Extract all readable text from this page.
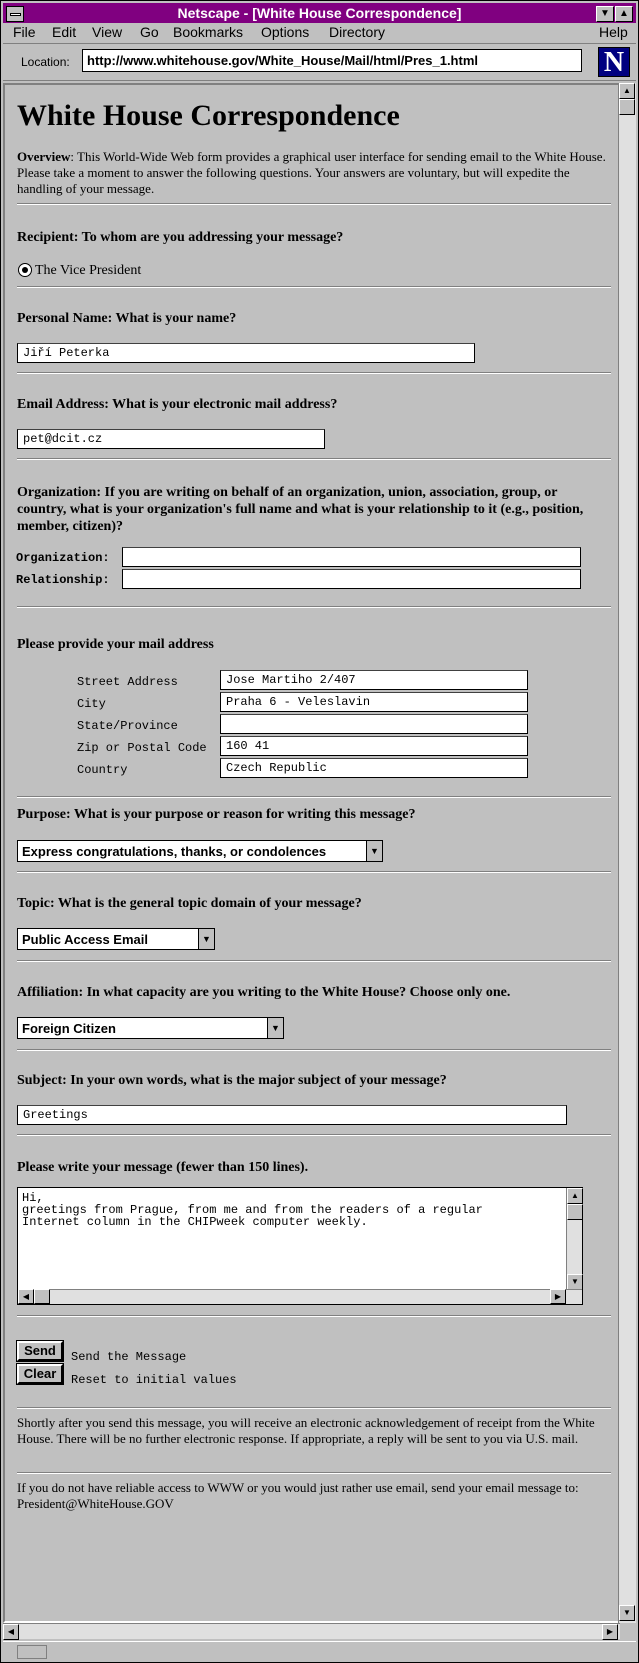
Netscape - [White House Correspondence]	▼ ▲
File Edit View Go Bookmarks Options Directory	Help
Location:	http://www.whitehouse.gov/White_House/Mail/html/Pres_1.html	N
White House Correspondence
Overview: This World-Wide Web form provides a graphical user interface for sending email to the White House. Please take a moment to answer the following questions. Your answers are voluntary, but will expedite the handling of your message.
Recipient: To whom are you addressing your message?
The Vice President
Personal Name: What is your name?
Jiří Peterka
Email Address: What is your electronic mail address?
pet@dcit.cz
Organization: If you are writing on behalf of an organization, union, association, group, or country, what is your organization's full name and what is your relationship to it (e.g., position, member, citizen)?
Organization:
Relationship:
Please provide your mail address
Street Address	Jose Martiho 2/407
City	Praha 6 - Veleslavin
State/Province
Zip or Postal Code	160 41
Country	Czech Republic
Purpose: What is your purpose or reason for writing this message?
Express congratulations, thanks, or condolences	▼
Topic: What is the general topic domain of your message?
Public Access Email	▼
Affiliation: In what capacity are you writing to the White House? Choose only one.
Foreign Citizen	▼
Subject: In your own words, what is the major subject of your message?
Greetings
Please write your message (fewer than 150 lines).
Hi,
greetings from Prague, from me and from the readers of a regular
Internet column in the CHIPweek computer weekly.
▲
▼
◀	▶
Send	Send the Message
Clear	Reset to initial values
Shortly after you send this message, you will receive an electronic acknowledgement of receipt from the White House. There will be no further electronic response. If appropriate, a reply will be sent to you via U.S. mail.
If you do not have reliable access to WWW or you would just rather use email, send your email message to: President@WhiteHouse.GOV
▲
▼
◀	▶
